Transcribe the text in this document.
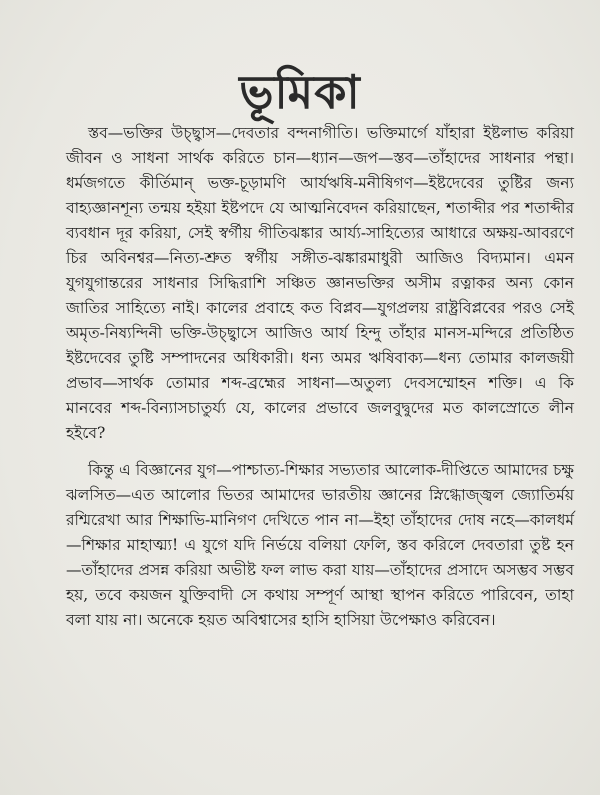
ভূমিকা

স্তব—ভক্তির উচ্ছ্বাস—দেবতার বন্দনাগীতি। ভক্তিমার্গে যাঁহারা ইষ্টলাভ করিয়া জীবন ও সাধনা সার্থক করিতে চান—ধ্যান—জপ—স্তব—তাঁহাদের সাধনার পন্থা। ধর্মজগতে কীর্তিমান্ ভক্ত-চূড়ামণি আর্যঋষি-মনীষিগণ—ইষ্টদেবের তুষ্টির জন্য বাহ্যজ্ঞানশূন্য তন্ময় হইয়া ইষ্টপদে যে আত্মনিবেদন করিয়াছেন, শতাব্দীর পর শতাব্দীর ব্যবধান দূর করিয়া, সেই স্বর্গীয় গীতিঝঙ্কার আর্য্য-সাহিত্যের আধারে অক্ষয়-আবরণে চির অবিনশ্বর—নিত্য-শ্রুত স্বর্গীয় সঙ্গীত-ঝঙ্কারমাধুরী আজিও বিদ্যমান। এমন যুগযুগান্তরের সাধনার সিদ্ধিরাশি সঞ্চিত জ্ঞানভক্তির অসীম রত্নাকর অন্য কোন জাতির সাহিত্যে নাই। কালের প্রবাহে কত বিপ্লব—যুগপ্রলয় রাষ্ট্রবিপ্লবের পরও সেই অমৃত-নিষ্যন্দিনী ভক্তি-উচ্ছ্বাসে আজিও আর্য হিন্দু তাঁহার মানস-মন্দিরে প্রতিষ্ঠিত ইষ্টদেবের তুষ্টি সম্পাদনের অধিকারী। ধন্য অমর ঋষিবাক্য—ধন্য তোমার কালজয়ী প্রভাব—সার্থক তোমার শব্দ-ব্রহ্মের সাধনা—অতুল্য দেবসম্মোহন শক্তি। এ কি মানবের শব্দ-বিন্যাসচাতুর্য্য যে, কালের প্রভাবে জলবুদ্বুদের মত কালস্রোতে লীন হইবে?

কিন্তু এ বিজ্ঞানের যুগ—পাশ্চাত্য-শিক্ষার সভ্যতার আলোক-দীপ্তিতে আমাদের চক্ষু ঝলসিত—এত আলোর ভিতর আমাদের ভারতীয় জ্ঞানের স্নিগ্ধোজ্জ্বল জ্যোতির্ময় রশ্মিরেখা আর শিক্ষাভি-মানিগণ দেখিতে পান না—ইহা তাঁহাদের দোষ নহে—কালধর্ম—শিক্ষার মাহাত্ম্য! এ যুগে যদি নির্ভয়ে বলিয়া ফেলি, স্তব করিলে দেবতারা তুষ্ট হন—তাঁহাদের প্রসন্ন করিয়া অভীষ্ট ফল লাভ করা যায়—তাঁহাদের প্রসাদে অসম্ভব সম্ভব হয়, তবে কয়জন যুক্তিবাদী সে কথায় সম্পূর্ণ আস্থা স্থাপন করিতে পারিবেন, তাহা বলা যায় না। অনেকে হয়ত অবিশ্বাসের হাসি হাসিয়া উপেক্ষাও করিবেন।
